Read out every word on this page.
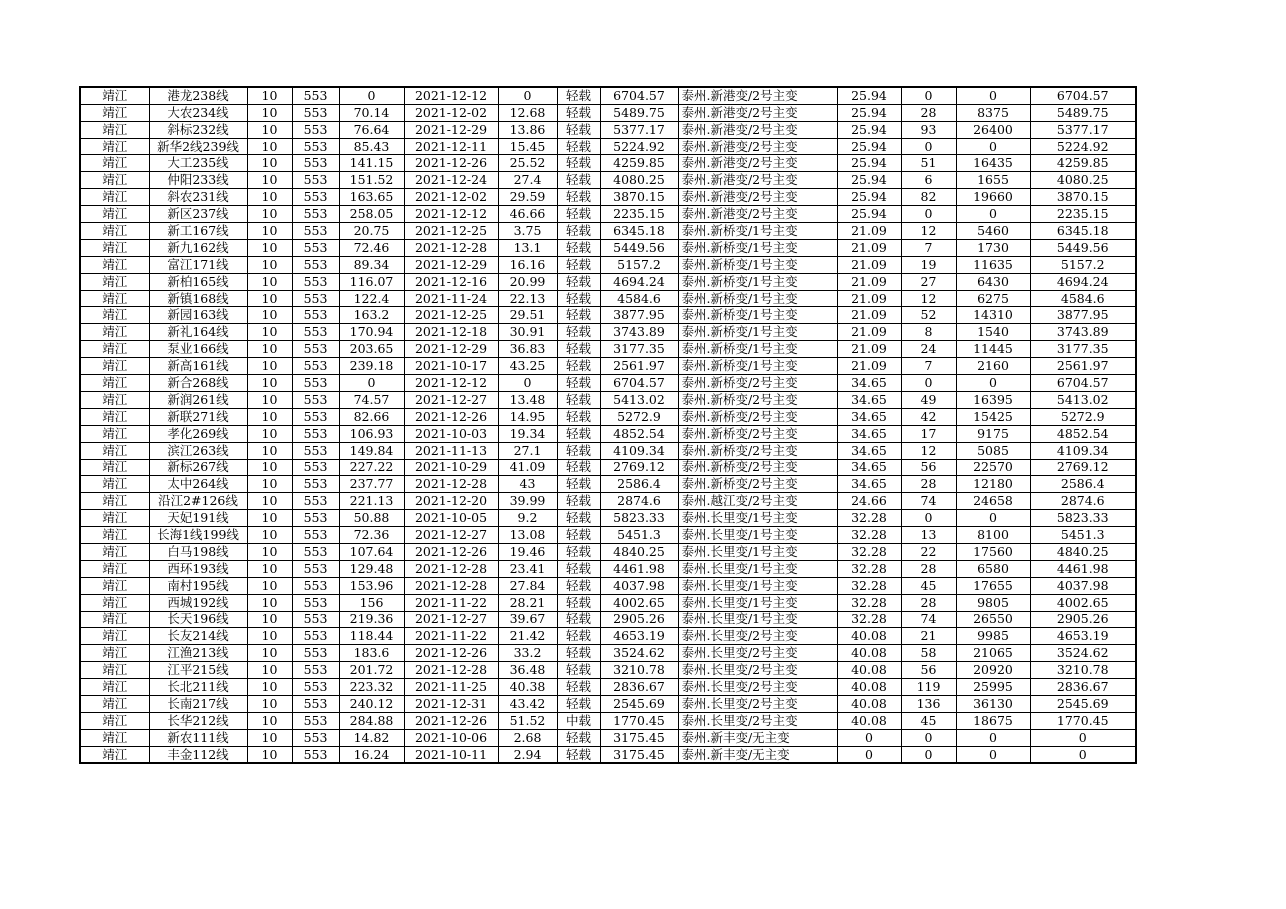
靖江	港龙238线	10	553	0	2021-12-12	0	轻载	6704.57	泰州.新港变/2号主变	25.94	0	0	6704.57
靖江	大农234线	10	553	70.14	2021-12-02	12.68	轻载	5489.75	泰州.新港变/2号主变	25.94	28	8375	5489.75
靖江	斜标232线	10	553	76.64	2021-12-29	13.86	轻载	5377.17	泰州.新港变/2号主变	25.94	93	26400	5377.17
靖江	新华2线239线	10	553	85.43	2021-12-11	15.45	轻载	5224.92	泰州.新港变/2号主变	25.94	0	0	5224.92
靖江	大工235线	10	553	141.15	2021-12-26	25.52	轻载	4259.85	泰州.新港变/2号主变	25.94	51	16435	4259.85
靖江	仲阳233线	10	553	151.52	2021-12-24	27.4	轻载	4080.25	泰州.新港变/2号主变	25.94	6	1655	4080.25
靖江	斜农231线	10	553	163.65	2021-12-02	29.59	轻载	3870.15	泰州.新港变/2号主变	25.94	82	19660	3870.15
靖江	新区237线	10	553	258.05	2021-12-12	46.66	轻载	2235.15	泰州.新港变/2号主变	25.94	0	0	2235.15
靖江	新工167线	10	553	20.75	2021-12-25	3.75	轻载	6345.18	泰州.新桥变/1号主变	21.09	12	5460	6345.18
靖江	新九162线	10	553	72.46	2021-12-28	13.1	轻载	5449.56	泰州.新桥变/1号主变	21.09	7	1730	5449.56
靖江	富江171线	10	553	89.34	2021-12-29	16.16	轻载	5157.2	泰州.新桥变/1号主变	21.09	19	11635	5157.2
靖江	新柏165线	10	553	116.07	2021-12-16	20.99	轻载	4694.24	泰州.新桥变/1号主变	21.09	27	6430	4694.24
靖江	新镇168线	10	553	122.4	2021-11-24	22.13	轻载	4584.6	泰州.新桥变/1号主变	21.09	12	6275	4584.6
靖江	新园163线	10	553	163.2	2021-12-25	29.51	轻载	3877.95	泰州.新桥变/1号主变	21.09	52	14310	3877.95
靖江	新礼164线	10	553	170.94	2021-12-18	30.91	轻载	3743.89	泰州.新桥变/1号主变	21.09	8	1540	3743.89
靖江	泵业166线	10	553	203.65	2021-12-29	36.83	轻载	3177.35	泰州.新桥变/1号主变	21.09	24	11445	3177.35
靖江	新高161线	10	553	239.18	2021-10-17	43.25	轻载	2561.97	泰州.新桥变/1号主变	21.09	7	2160	2561.97
靖江	新合268线	10	553	0	2021-12-12	0	轻载	6704.57	泰州.新桥变/2号主变	34.65	0	0	6704.57
靖江	新润261线	10	553	74.57	2021-12-27	13.48	轻载	5413.02	泰州.新桥变/2号主变	34.65	49	16395	5413.02
靖江	新联271线	10	553	82.66	2021-12-26	14.95	轻载	5272.9	泰州.新桥变/2号主变	34.65	42	15425	5272.9
靖江	孝化269线	10	553	106.93	2021-10-03	19.34	轻载	4852.54	泰州.新桥变/2号主变	34.65	17	9175	4852.54
靖江	滨江263线	10	553	149.84	2021-11-13	27.1	轻载	4109.34	泰州.新桥变/2号主变	34.65	12	5085	4109.34
靖江	新标267线	10	553	227.22	2021-10-29	41.09	轻载	2769.12	泰州.新桥变/2号主变	34.65	56	22570	2769.12
靖江	太中264线	10	553	237.77	2021-12-28	43	轻载	2586.4	泰州.新桥变/2号主变	34.65	28	12180	2586.4
靖江	沿江2#126线	10	553	221.13	2021-12-20	39.99	轻载	2874.6	泰州.越江变/2号主变	24.66	74	24658	2874.6
靖江	天妃191线	10	553	50.88	2021-10-05	9.2	轻载	5823.33	泰州.长里变/1号主变	32.28	0	0	5823.33
靖江	长海1线199线	10	553	72.36	2021-12-27	13.08	轻载	5451.3	泰州.长里变/1号主变	32.28	13	8100	5451.3
靖江	白马198线	10	553	107.64	2021-12-26	19.46	轻载	4840.25	泰州.长里变/1号主变	32.28	22	17560	4840.25
靖江	西环193线	10	553	129.48	2021-12-28	23.41	轻载	4461.98	泰州.长里变/1号主变	32.28	28	6580	4461.98
靖江	南村195线	10	553	153.96	2021-12-28	27.84	轻载	4037.98	泰州.长里变/1号主变	32.28	45	17655	4037.98
靖江	西城192线	10	553	156	2021-11-22	28.21	轻载	4002.65	泰州.长里变/1号主变	32.28	28	9805	4002.65
靖江	长天196线	10	553	219.36	2021-12-27	39.67	轻载	2905.26	泰州.长里变/1号主变	32.28	74	26550	2905.26
靖江	长友214线	10	553	118.44	2021-11-22	21.42	轻载	4653.19	泰州.长里变/2号主变	40.08	21	9985	4653.19
靖江	江渔213线	10	553	183.6	2021-12-26	33.2	轻载	3524.62	泰州.长里变/2号主变	40.08	58	21065	3524.62
靖江	江平215线	10	553	201.72	2021-12-28	36.48	轻载	3210.78	泰州.长里变/2号主变	40.08	56	20920	3210.78
靖江	长北211线	10	553	223.32	2021-11-25	40.38	轻载	2836.67	泰州.长里变/2号主变	40.08	119	25995	2836.67
靖江	长南217线	10	553	240.12	2021-12-31	43.42	轻载	2545.69	泰州.长里变/2号主变	40.08	136	36130	2545.69
靖江	长华212线	10	553	284.88	2021-12-26	51.52	中载	1770.45	泰州.长里变/2号主变	40.08	45	18675	1770.45
靖江	新农111线	10	553	14.82	2021-10-06	2.68	轻载	3175.45	泰州.新丰变/无主变	0	0	0	0
靖江	丰金112线	10	553	16.24	2021-10-11	2.94	轻载	3175.45	泰州.新丰变/无主变	0	0	0	0
